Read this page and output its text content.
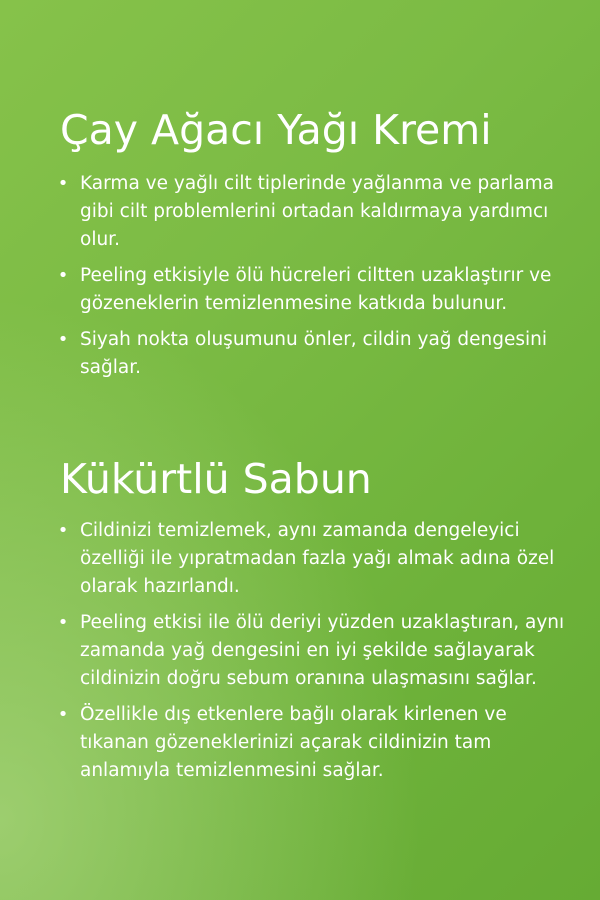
Çay Ağacı Yağı Kremi
• Karma ve yağlı cilt tiplerinde yağlanma ve parlama gibi cilt problemlerini ortadan kaldırmaya yardımcı olur.
• Peeling etkisiyle ölü hücreleri ciltten uzaklaştırır ve gözeneklerin temizlenmesine katkıda bulunur.
• Siyah nokta oluşumunu önler, cildin yağ dengesini sağlar.
Kükürtlü Sabun
• Cildinizi temizlemek, aynı zamanda dengeleyici özelliği ile yıpratmadan fazla yağı almak adına özel olarak hazırlandı.
• Peeling etkisi ile ölü deriyi yüzden uzaklaştıran, aynı zamanda yağ dengesini en iyi şekilde sağlayarak cildinizin doğru sebum oranına ulaşmasını sağlar.
• Özellikle dış etkenlere bağlı olarak kirlenen ve tıkanan gözeneklerinizi açarak cildinizin tam anlamıyla temizlenmesini sağlar.
